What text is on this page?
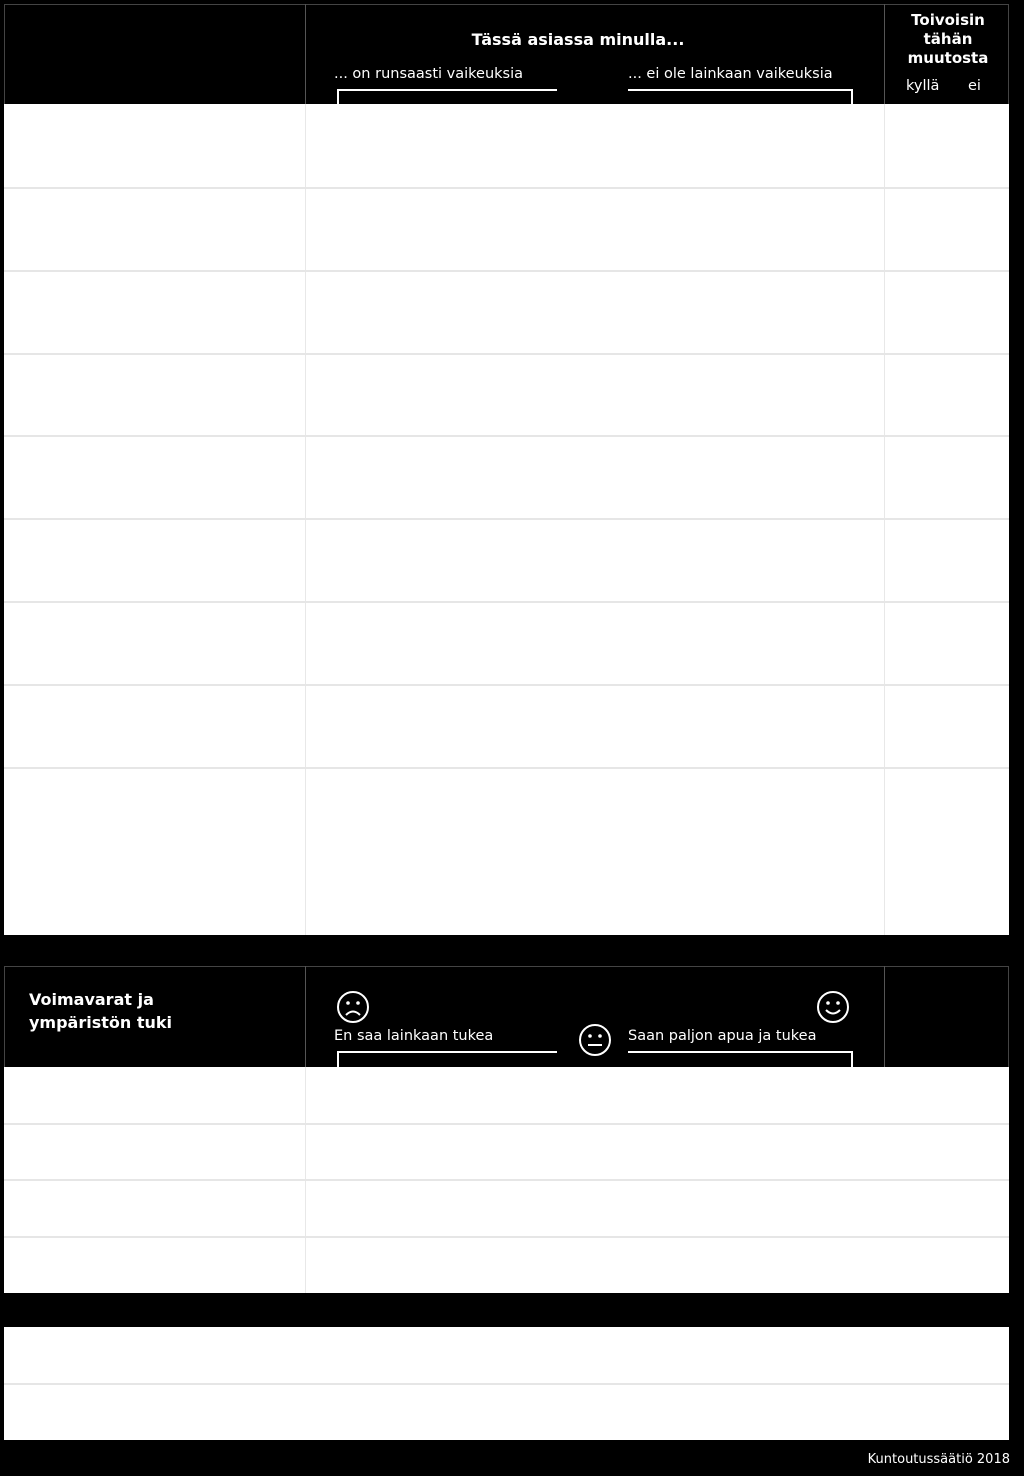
Tässä asiassa minulla...
... on runsaasti vaikeuksia	... ei ole lainkaan vaikeuksia
Toivoisin tähän muutosta
kyllä ei
Voimavarat ja ympäristön tuki
En saa lainkaan tukea	Saan paljon apua ja tukea
Kuntoutussäätiö 2018
